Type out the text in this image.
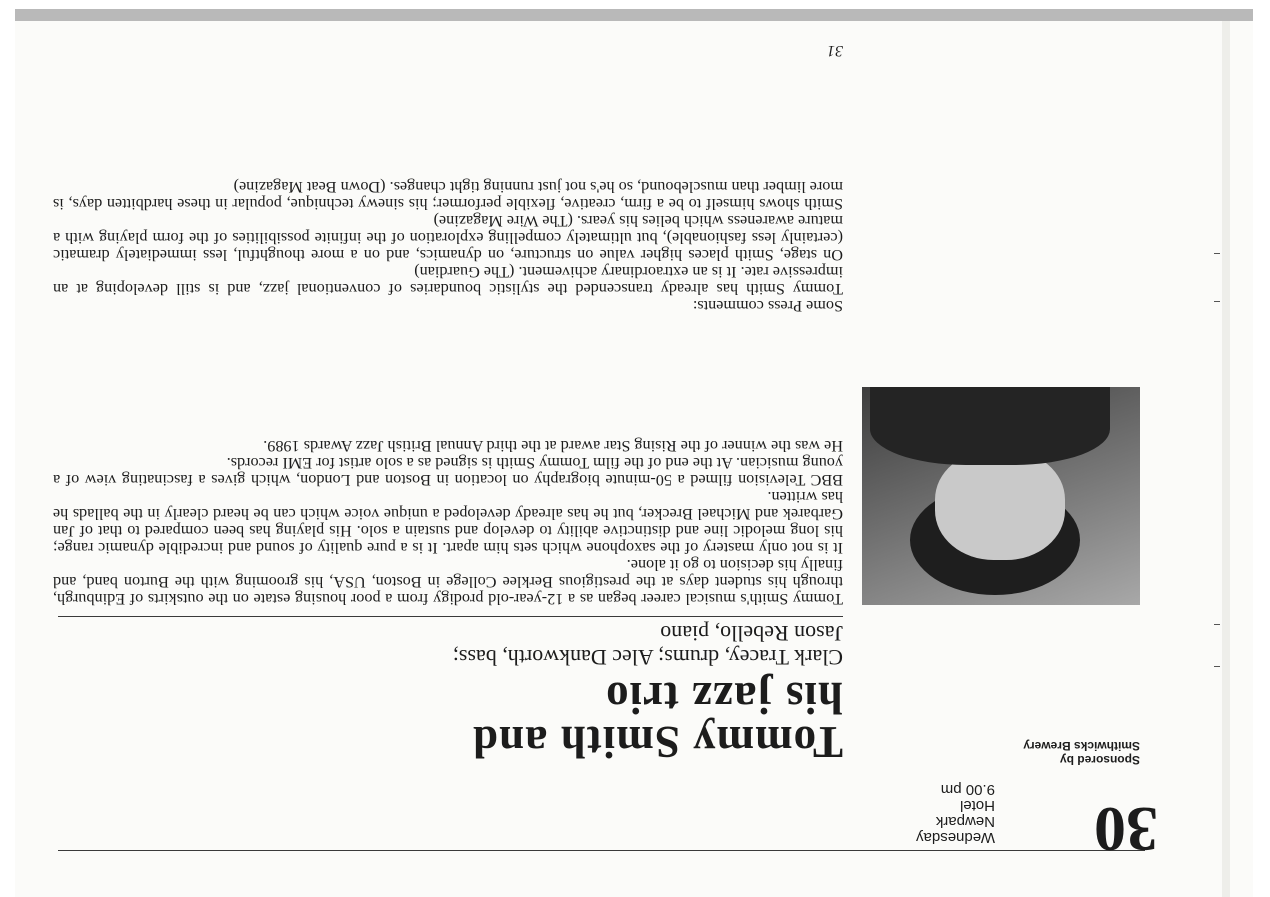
30
Wednesday
Newpark
Hotel
9.00 pm
Sponsored by
Smithwicks Brewery
Tommy Smith and
his jazz trio
Clark Tracey, drums; Alec Dankworth, bass; Jason Rebello, piano

Tommy Smith's musical career began as a 12-year-old prodigy from a poor housing estate on the outskirts of Edinburgh, through his student days at the prestigious Berklee College in Boston, USA, his grooming with the Burton band, and finally his decision to go it alone.

It is not only mastery of the saxophone which sets him apart. It is a pure quality of sound and incredible dynamic range; his long melodic line and distinctive ability to develop and sustain a solo. His playing has been compared to that of Jan Garbarek and Michael Brecker, but he has already developed a unique voice which can be heard clearly in the ballads he has written.

BBC Television filmed a 50-minute biography on location in Boston and London, which gives a fascinating view of a young musician. At the end of the film Tommy Smith is signed as a solo artist for EMI records.

He was the winner of the Rising Star award at the third Annual British Jazz Awards 1989.

Some Press comments:

Tommy Smith has already transcended the stylistic boundaries of conventional jazz, and is still developing at an impressive rate. It is an extraordinary achivement. (The Guardian)

On stage, Smith places higher value on structure, on dynamics, and on a more thoughtful, less immediately dramatic (certainly less fashionable), but ultimately compelling exploration of the infinite possibilities of the form playing with a mature awareness which belies his years. (The Wire Magazine)

Smith shows himself to be a firm, creative, flexible performer; his sinewy technique, popular in these hardbitten days, is more limber than musclebound, so he's not just running tight changes. (Down Beat Magazine)

31
